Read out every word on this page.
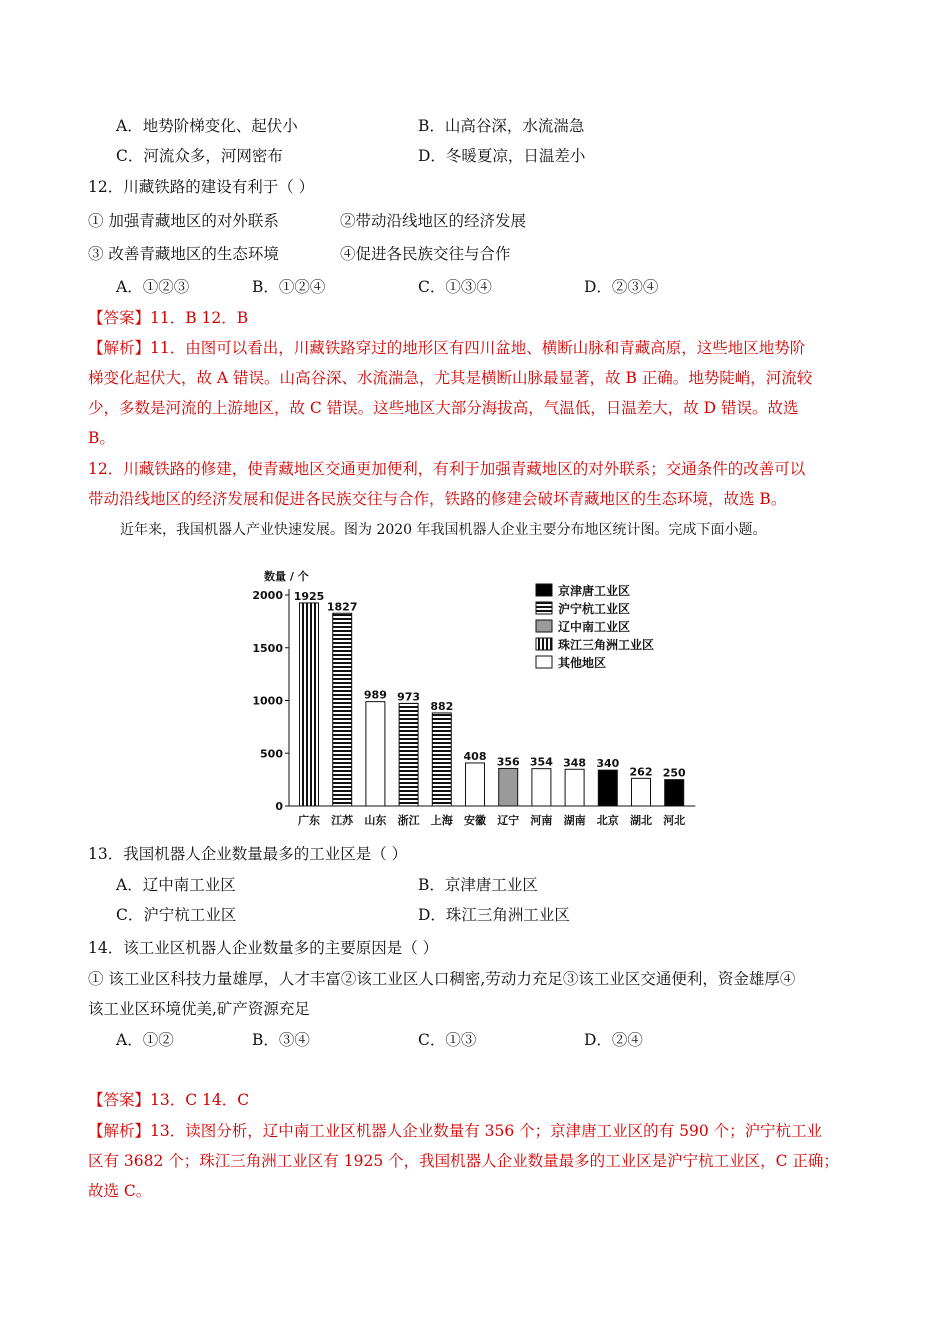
A．地势阶梯变化、起伏小	B．山高谷深，水流湍急
C．河流众多，河网密布	D．冬暖夏凉，日温差小
12．川藏铁路的建设有利于（ ）
① 加强青藏地区的对外联系	②带动沿线地区的经济发展
③ 改善青藏地区的生态环境	④促进各民族交往与合作
A．①②③	B．①②④	C．①③④	D．②③④
【答案】11．B 12．B
【解析】11．由图可以看出，川藏铁路穿过的地形区有四川盆地、横断山脉和青藏高原，这些地区地势阶
梯变化起伏大，故 A 错误。山高谷深、水流湍急，尤其是横断山脉最显著，故 B 正确。地势陡峭，河流较
少，多数是河流的上游地区，故 C 错误。这些地区大部分海拔高，气温低，日温差大，故 D 错误。故选
B。
12．川藏铁路的修建，使青藏地区交通更加便利，有利于加强青藏地区的对外联系；交通条件的改善可以
带动沿线地区的经济发展和促进各民族交往与合作，铁路的修建会破坏青藏地区的生态环境，故选 B。
近年来，我国机器人产业快速发展。图为 2020 年我国机器人企业主要分布地区统计图。完成下面小题。
数量 / 个
0
500
1000
1500
2000 1925
广东
1827
江苏
989
山东
973
浙江
882
上海
408
安徽
356
辽宁
354
河南
348
湖南
340
北京
262
湖北
250
河北
京津唐工业区
沪宁杭工业区
辽中南工业区
珠江三角洲工业区
其他地区
13．我国机器人企业数量最多的工业区是（ ）
A．辽中南工业区	B．京津唐工业区
C．沪宁杭工业区	D．珠江三角洲工业区
14．该工业区机器人企业数量多的主要原因是（ ）
① 该工业区科技力量雄厚，人才丰富②该工业区人口稠密,劳动力充足③该工业区交通便利，资金雄厚④
该工业区环境优美,矿产资源充足
A．①②	B．③④	C．①③	D．②④
【答案】13．C 14．C
【解析】13．读图分析，辽中南工业区机器人企业数量有 356 个；京津唐工业区的有 590 个；沪宁杭工业
区有 3682 个；珠江三角洲工业区有 1925 个，我国机器人企业数量最多的工业区是沪宁杭工业区，C 正确；
故选 C。
